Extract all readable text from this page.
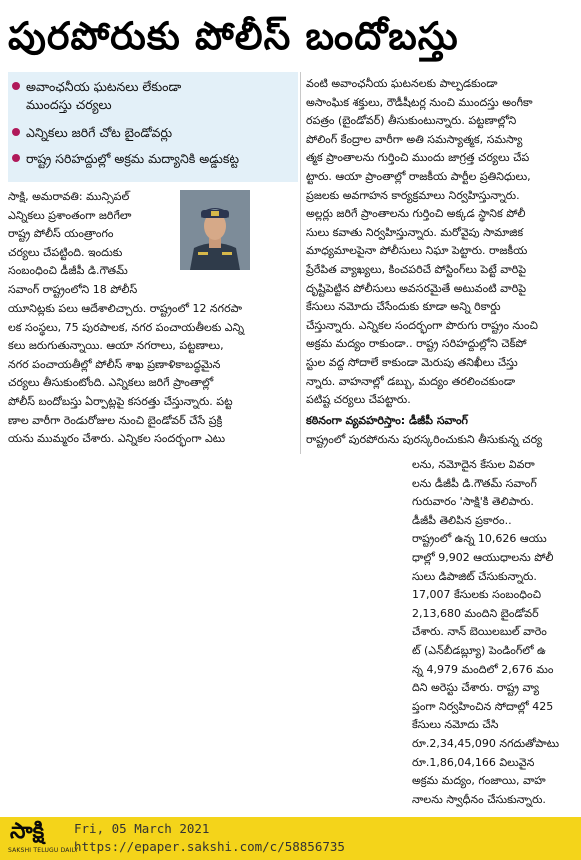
పురపోరుకు పోలీస్ బందోబస్తు
అవాంఛనీయ ఘటనలు లేకుండా
ముందస్తు చర్యలు
ఎన్నికలు జరిగే చోట బైండోవర్లు
రాష్ట్ర సరిహద్దుల్లో అక్రమ మద్యానికి అడ్డుకట్ట
సాక్షి, అమరావతి: మున్సిపల్
ఎన్నికలు ప్రశాంతంగా జరిగేలా
రాష్ట్ర పోలీస్ యంత్రాంగం
చర్యలు చేపట్టింది. ఇందుకు
సంబంధించి డీజీపీ డి.గౌతమ్
సవాంగ్ రాష్ట్రంలోని 18 పోలీస్
యూనిట్లకు పలు ఆదేశాలిచ్చారు. రాష్ట్రంలో 12 నగరపా
లక సంస్థలు, 75 పురపాలక, నగర పంచాయతీలకు ఎన్ని
కలు జరుగుతున్నాయి. ఆయా నగరాలు, పట్టణాలు,
నగర పంచాయతీల్లో పోలీస్ శాఖ ప్రణాళికాబద్ధమైన
చర్యలు తీసుకుంటోంది. ఎన్నికలు జరిగే ప్రాంతాల్లో
పోలీస్ బందోబస్తు ఏర్పాట్లపై కసరత్తు చేస్తున్నారు. పట్ట
ణాల వారీగా రెండురోజుల నుంచి బైండోవర్ చేసే ప్రక్రి
యను ముమ్మరం చేశారు. ఎన్నికల సందర్భంగా ఎటు
వంటి అవాంఛనీయ ఘటనలకు పాల్పడకుండా
అసాంఘిక శక్తులు, రౌడీషీటర్ల నుంచి ముందస్తు అంగీకా
రపత్రం (బైండోవర్) తీసుకుంటున్నారు. పట్టణాల్లోని
పోలింగ్ కేంద్రాల వారీగా అతి సమస్యాత్మక, సమస్యా
త్మక ప్రాంతాలను గుర్తించి ముందు జాగ్రత్త చర్యలు చేప
ట్టారు. ఆయా ప్రాంతాల్లో రాజకీయ పార్టీల ప్రతినిధులు,
ప్రజలకు అవగాహన కార్యక్రమాలు నిర్వహిస్తున్నారు.
అల్లర్లు జరిగే ప్రాంతాలను గుర్తించి అక్కడ స్థానిక పోలీ
సులు కవాతు నిర్వహిస్తున్నారు. మరోవైపు సామాజిక
మాధ్యమాలపైనా పోలీసులు నిఘా పెట్టారు. రాజకీయ
ప్రేరేపిత వ్యాఖ్యలు, కించపరిచే పోస్టింగ్‌లు పెట్టే వారిపై
దృష్టిపెట్టిన పోలీసులు అవసరమైతే అటువంటి వారిపై
కేసులు నమోదు చేసేందుకు కూడా అన్ని రికార్డు
చేస్తున్నారు. ఎన్నికల సందర్భంగా పొరుగు రాష్ట్రం నుంచి
అక్రమ మద్యం రాకుండా.. రాష్ట్ర సరిహద్దుల్లోని చెక్‌పో
స్టుల వద్ద సోదాలే కాకుండా మెరుపు తనిఖీలు చేస్తు
న్నారు. వాహనాల్లో డబ్బు, మద్యం తరలించకుండా
పటిష్ట చర్యలు చేపట్టారు.
కఠినంగా వ్యవహరిస్తాం: డీజీపీ సవాంగ్
రాష్ట్రంలో పురపోరును పురస్కరించుకుని తీసుకున్న చర్య
లను, నమోదైన కేసుల వివరా
లను డీజీపీ డి.గౌతమ్ సవాంగ్
గురువారం 'సాక్షి'కి తెలిపారు.
డీజీపీ తెలిపిన ప్రకారం..
రాష్ట్రంలో ఉన్న 10,626 ఆయు
ధాల్లో 9,902 ఆయుధాలను పోలీ
సులు డిపాజిట్ చేసుకున్నారు.
17,007 కేసులకు సంబంధించి
2,13,680 మందిని బైండోవర్
చేశారు. నాన్ బెయిలబుల్ వారెం
ట్ (ఎన్‌బీడబ్ల్యూ) పెండింగ్‌లో ఉ
న్న 4,979 మందిలో 2,676 మం
దిని అరెస్టు చేశారు. రాష్ట్ర వ్యా
ప్తంగా నిర్వహించిన సోదాల్లో 425
కేసులు నమోదు చేసి
రూ.2,34,45,090 నగదుతోపాటు
రూ.1,86,04,166 విలువైన
అక్రమ మద్యం, గంజాయి, వాహ
నాలను స్వాధీనం చేసుకున్నారు.
సాక్షి
SAKSHI TELUGU DAILY
Fri, 05 March 2021
https://epaper.sakshi.com/c/58856735
